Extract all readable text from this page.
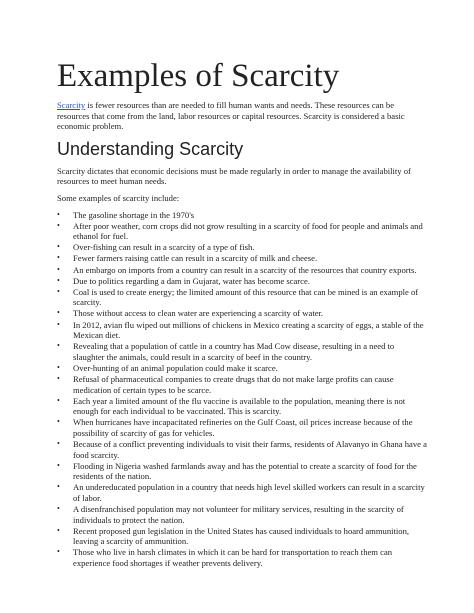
Examples of Scarcity

Scarcity is fewer resources than are needed to fill human wants and needs. These resources can be resources that come from the land, labor resources or capital resources. Scarcity is considered a basic economic problem.

Understanding Scarcity

Scarcity dictates that economic decisions must be made regularly in order to manage the availability of resources to meet human needs.

Some examples of scarcity include:

•	The gasoline shortage in the 1970's
•	After poor weather, corn crops did not grow resulting in a scarcity of food for people and animals and ethanol for fuel.
•	Over-fishing can result in a scarcity of a type of fish.
•	Fewer farmers raising cattle can result in a scarcity of milk and cheese.
•	An embargo on imports from a country can result in a scarcity of the resources that country exports.
•	Due to politics regarding a dam in Gujarat, water has become scarce.
•	Coal is used to create energy; the limited amount of this resource that can be mined is an example of scarcity.
•	Those without access to clean water are experiencing a scarcity of water.
•	In 2012, avian flu wiped out millions of chickens in Mexico creating a scarcity of eggs, a stable of the Mexican diet.
•	Revealing that a population of cattle in a country has Mad Cow disease, resulting in a need to slaughter the animals, could result in a scarcity of beef in the country.
•	Over-hunting of an animal population could make it scarce.
•	Refusal of pharmaceutical companies to create drugs that do not make large profits can cause medication of certain types to be scarce.
•	Each year a limited amount of the flu vaccine is available to the population, meaning there is not enough for each individual to be vaccinated. This is scarcity.
•	When hurricanes have incapacitated refineries on the Gulf Coast, oil prices increase because of the possibility of scarcity of gas for vehicles.
•	Because of a conflict preventing individuals to visit their farms, residents of Alavanyo in Ghana have a food scarcity.
•	Flooding in Nigeria washed farmlands away and has the potential to create a scarcity of food for the residents of the nation.
•	An undereducated population in a country that needs high level skilled workers can result in a scarcity of labor.
•	A disenfranchised population may not volunteer for military services, resulting in the scarcity of individuals to protect the nation.
•	Recent proposed gun legislation in the United States has caused individuals to hoard ammunition, leaving a scarcity of ammunition.
•	Those who live in harsh climates in which it can be hard for transportation to reach them can experience food shortages if weather prevents delivery.
